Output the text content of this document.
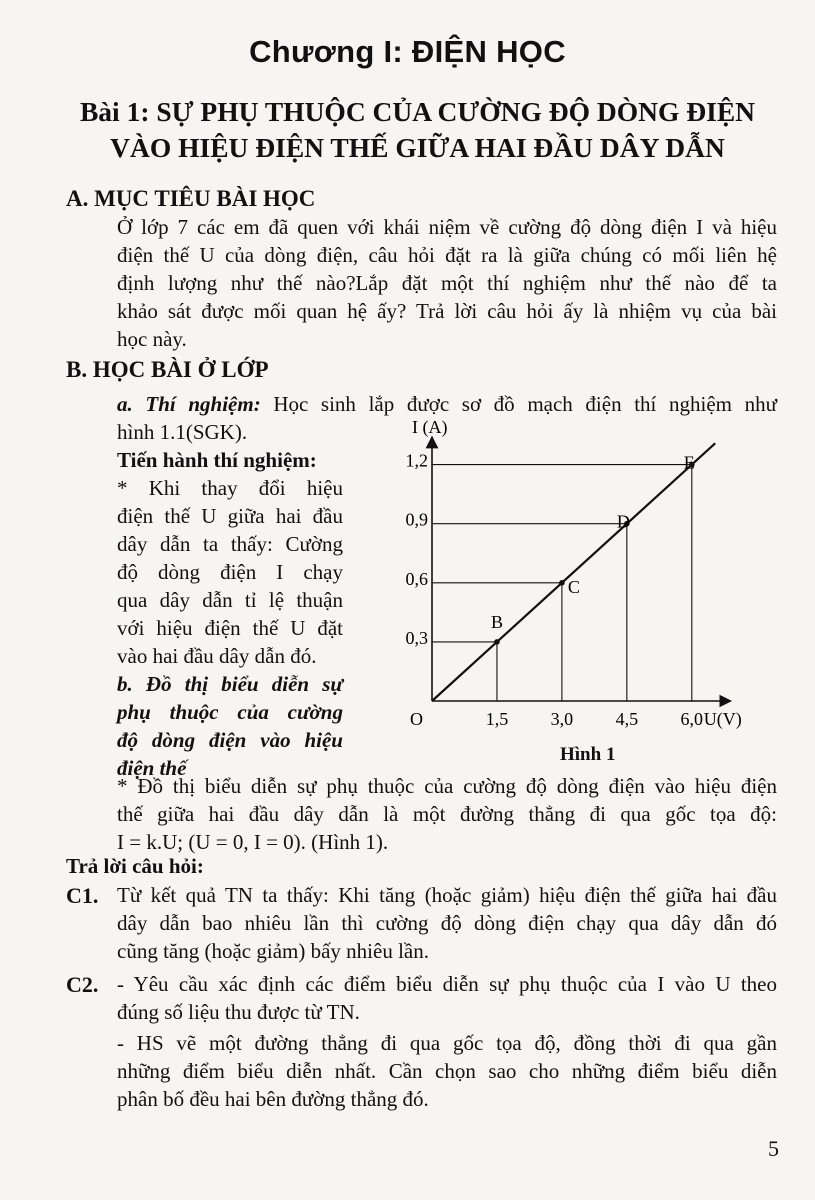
Chương I: ĐIỆN HỌC
Bài 1: SỰ PHỤ THUỘC CỦA CƯỜNG ĐỘ DÒNG ĐIỆN
VÀO HIỆU ĐIỆN THẾ GIỮA HAI ĐẦU DÂY DẪN
A. MỤC TIÊU BÀI HỌC
Ở lớp 7 các em đã quen với khái niệm về cường độ dòng điện I và hiệu
điện thế U của dòng điện, câu hỏi đặt ra là giữa chúng có mối liên hệ
định lượng như thế nào?Lắp đặt một thí nghiệm như thế nào để ta
khảo sát được mối quan hệ ấy? Trả lời câu hỏi ấy là nhiệm vụ của bài
học này.
B. HỌC BÀI Ở LỚP
a. Thí nghiệm: Học sinh lắp được sơ đồ mạch điện thí nghiệm như
hình 1.1(SGK).
Tiến hành thí nghiệm:
* Khi thay đổi hiệu
điện thế U giữa hai đầu
dây dẫn ta thấy: Cường
độ dòng điện I chạy
qua dây dẫn tỉ lệ thuận
với hiệu điện thế U đặt
vào hai đầu dây dẫn đó.
b. Đồ thị biểu diễn sự
phụ thuộc của cường
độ dòng điện vào hiệu
điện thế
B
C
D
E
1,5 3,0 4,5 6,0
0,3
0,6
0,9
1,2
O
I (A)
U(V)
Hình 1
* Đồ thị biểu diễn sự phụ thuộc của cường độ dòng điện vào hiệu điện
thế giữa hai đầu dây dẫn là một đường thẳng đi qua gốc tọa độ:
I = k.U; (U = 0, I = 0). (Hình 1).
Trả lời câu hỏi:
C1. Từ kết quả TN ta thấy: Khi tăng (hoặc giảm) hiệu điện thế giữa hai đầu
dây dẫn bao nhiêu lần thì cường độ dòng điện chạy qua dây dẫn đó
cũng tăng (hoặc giảm) bấy nhiêu lần.
C2. - Yêu cầu xác định các điểm biểu diễn sự phụ thuộc của I vào U theo
đúng số liệu thu được từ TN.
- HS vẽ một đường thẳng đi qua gốc tọa độ, đồng thời đi qua gần
những điểm biểu diễn nhất. Cần chọn sao cho những điểm biểu diễn
phân bố đều hai bên đường thẳng đó.
5
